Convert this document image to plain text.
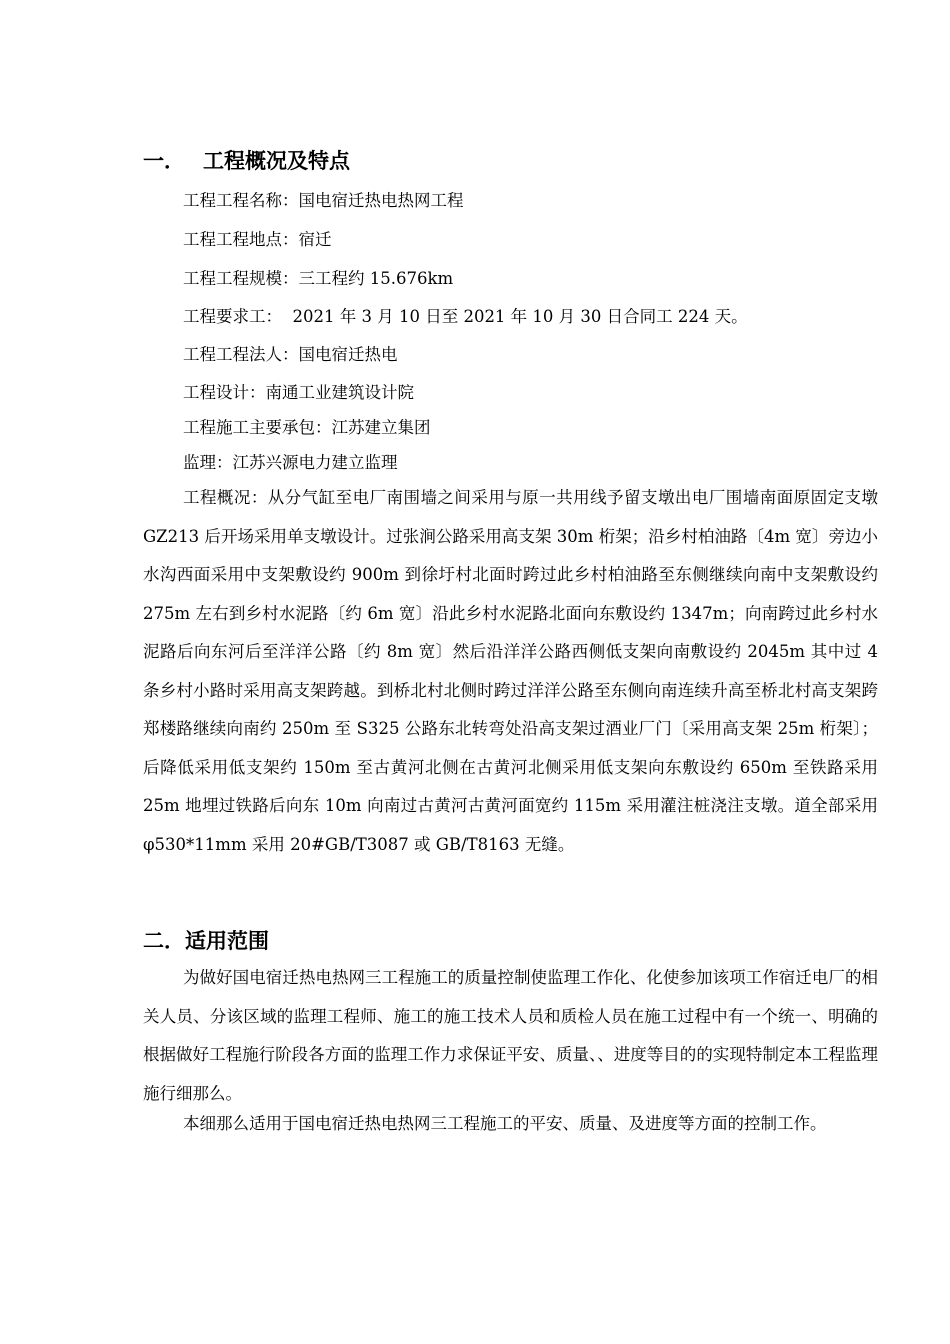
一． 工程概况及特点
工程工程名称：国电宿迁热电热网工程
工程工程地点：宿迁
工程工程规模：三工程约 15.676km
工程要求工：  2021 年 3 月 10 日至 2021 年 10 月 30 日合同工 224 天。
工程工程法人：国电宿迁热电
工程设计：南通工业建筑设计院
工程施工主要承包：江苏建立集团
监理：江苏兴源电力建立监理
工程概况：从分气缸至电厂南围墙之间采用与原一共用线予留支墩出电厂围墙南面原固定支墩 GZ213 后开场采用单支墩设计。过张涧公路采用高支架 30m 桁架；沿乡村柏油路〔4m 宽〕旁边小水沟西面采用中支架敷设约 900m 到徐圩村北面时跨过此乡村柏油路至东侧继续向南中支架敷设约 275m 左右到乡村水泥路〔约 6m 宽〕沿此乡村水泥路北面向东敷设约 1347m；向南跨过此乡村水泥路后向东河后至洋洋公路〔约 8m 宽〕然后沿洋洋公路西侧低支架向南敷设约 2045m 其中过 4 条乡村小路时采用高支架跨越。到桥北村北侧时跨过洋洋公路至东侧向南连续升高至桥北村高支架跨郑楼路继续向南约 250m 至 S325 公路东北转弯处沿高支架过酒业厂门〔采用高支架 25m 桁架〕；后降低采用低支架约 150m 至古黄河北侧在古黄河北侧采用低支架向东敷设约 650m 至铁路采用 25m 地埋过铁路后向东 10m 向南过古黄河古黄河面宽约 115m 采用灌注桩浇注支墩。道全部采用 φ530*11mm 采用 20#GB/T3087 或 GB/T8163 无缝。
二．适用范围
为做好国电宿迁热电热网三工程施工的质量控制使监理工作化、化使参加该项工作宿迁电厂的相关人员、分该区域的监理工程师、施工的施工技术人员和质检人员在施工过程中有一个统一、明确的根据做好工程施行阶段各方面的监理工作力求保证平安、质量、、进度等目的的实现特制定本工程监理施行细那么。
本细那么适用于国电宿迁热电热网三工程施工的平安、质量、及进度等方面的控制工作。
